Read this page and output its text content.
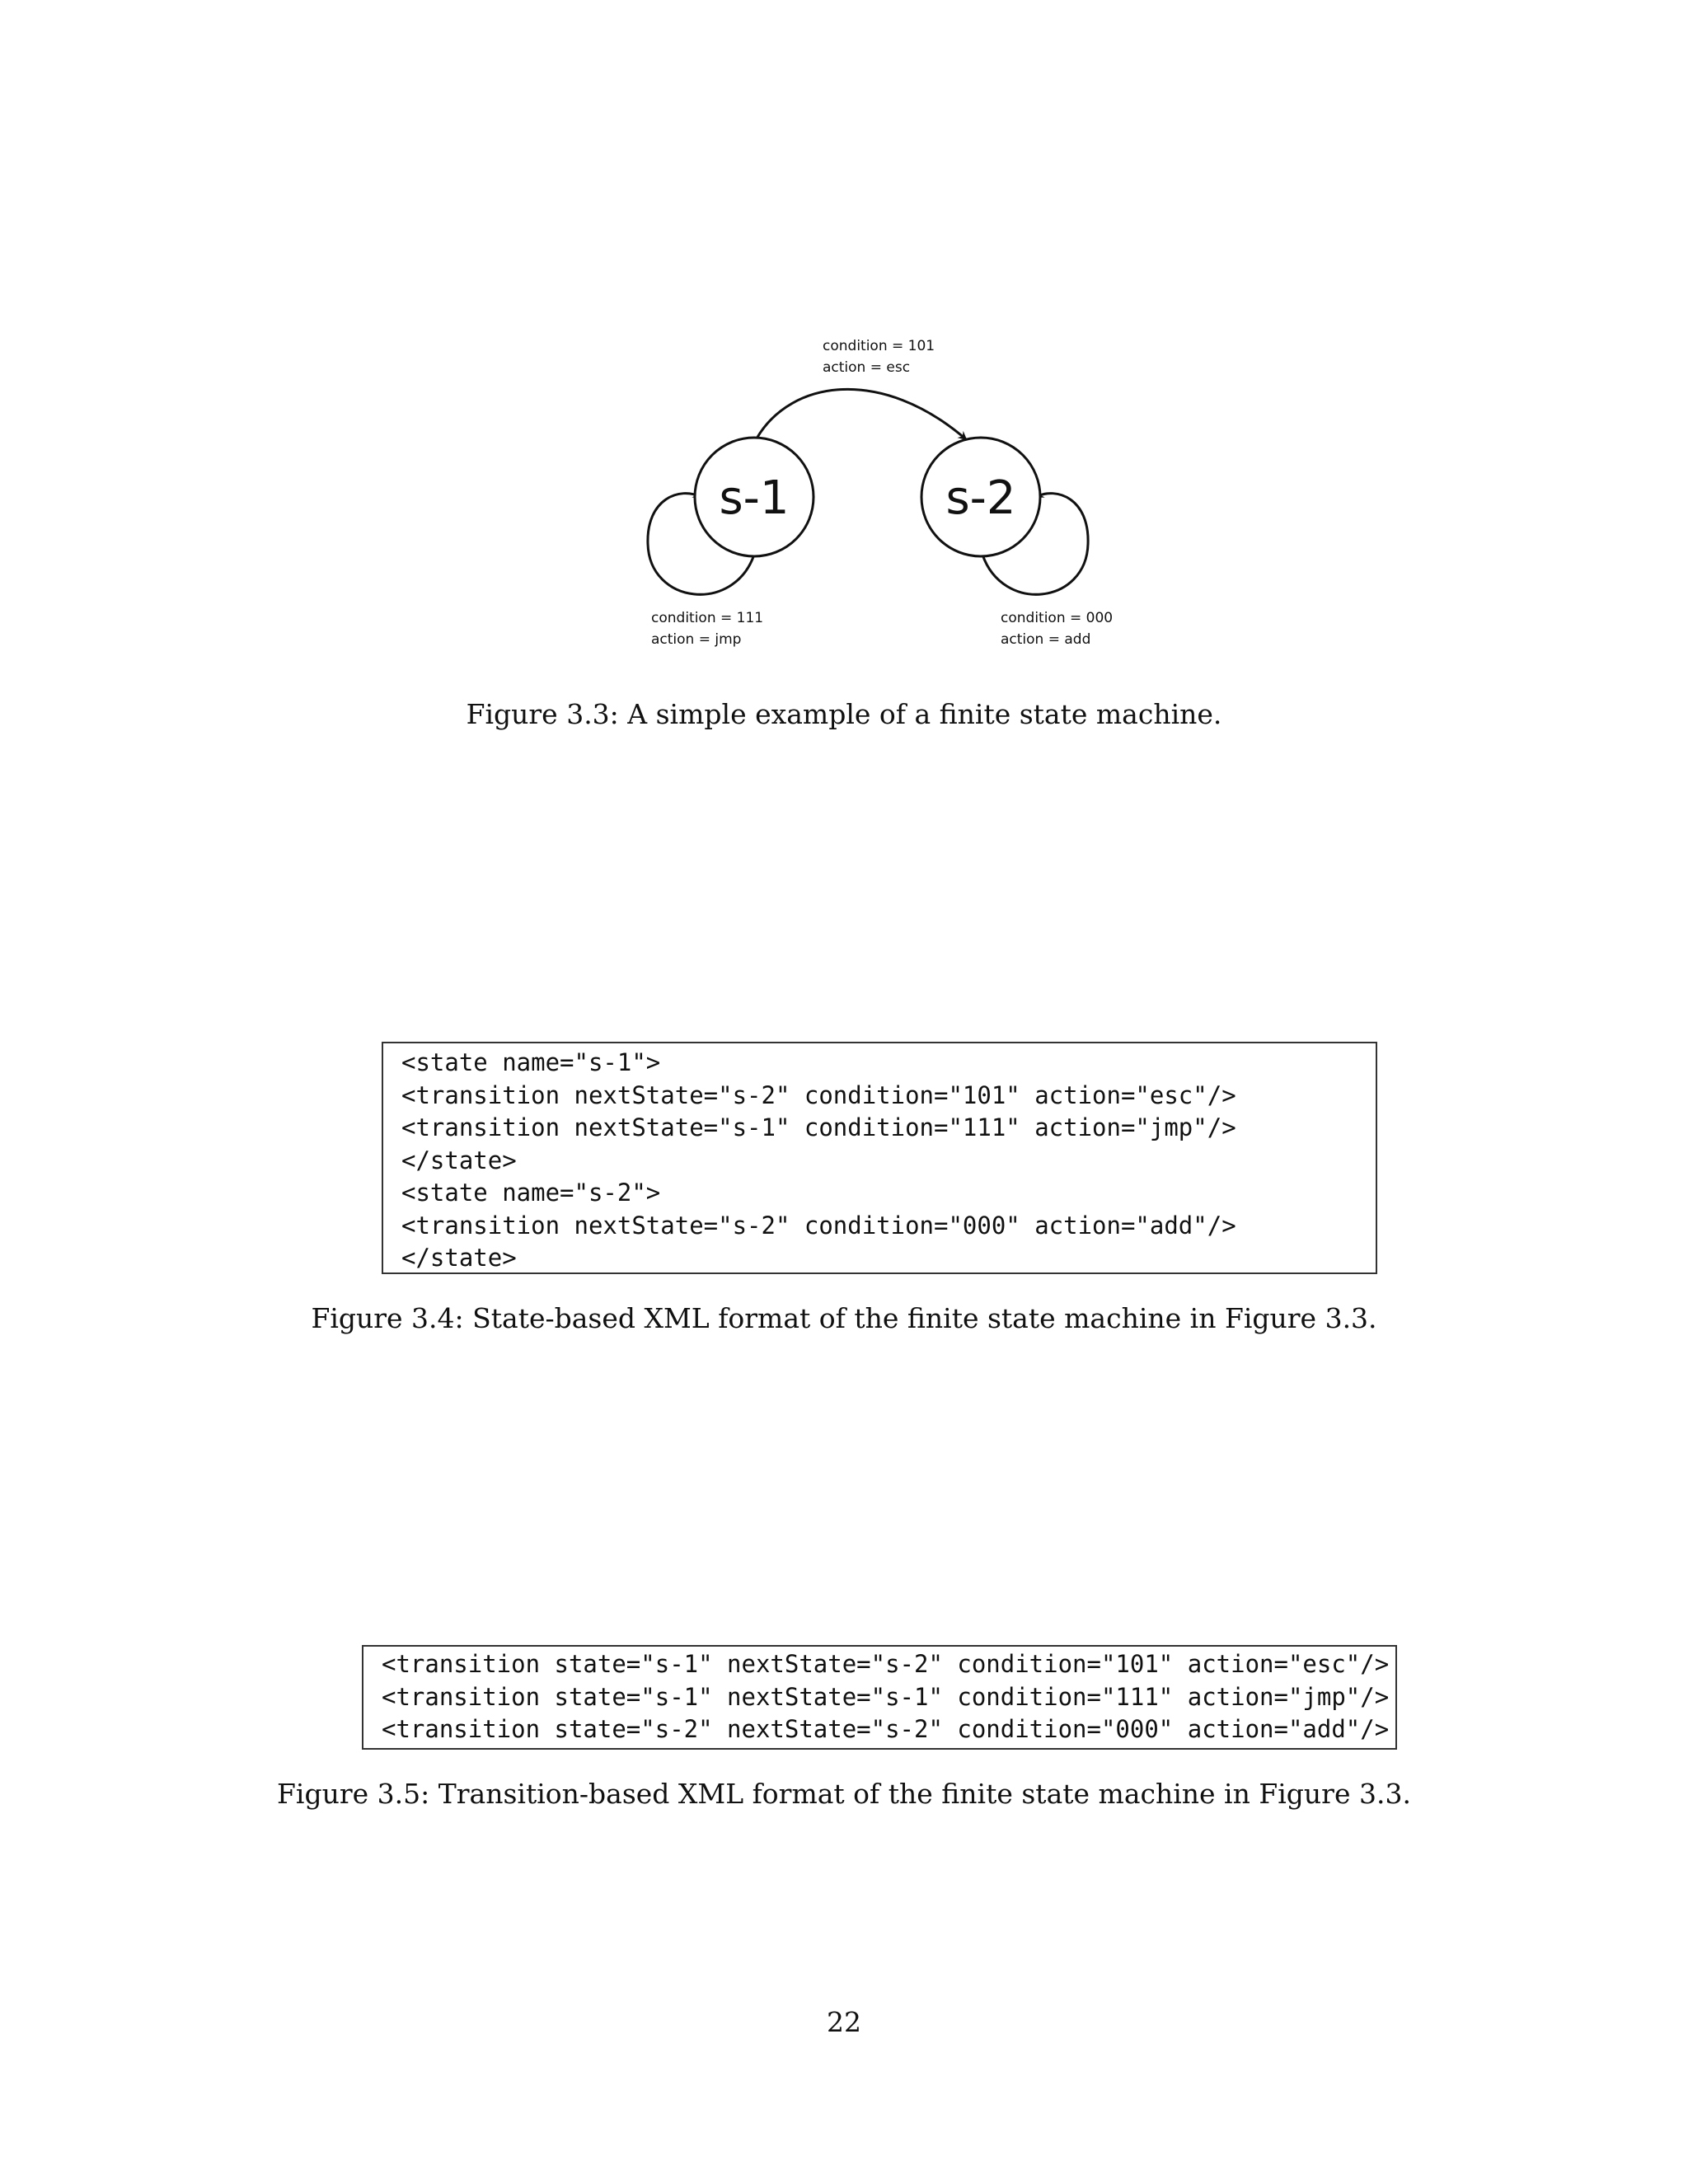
s-1	s-2
condition = 101
action = esc
condition = 111
action = jmp
condition = 000
action = add
Figure 3.3: A simple example of a finite state machine.
<state name="s-1">
<transition nextState="s-2" condition="101" action="esc"/>
<transition nextState="s-1" condition="111" action="jmp"/>
</state>
<state name="s-2">
<transition nextState="s-2" condition="000" action="add"/>
</state>
Figure 3.4: State-based XML format of the finite state machine in Figure 3.3.
<transition state="s-1" nextState="s-2" condition="101" action="esc"/>
<transition state="s-1" nextState="s-1" condition="111" action="jmp"/>
<transition state="s-2" nextState="s-2" condition="000" action="add"/>
Figure 3.5: Transition-based XML format of the finite state machine in Figure 3.3.
22
